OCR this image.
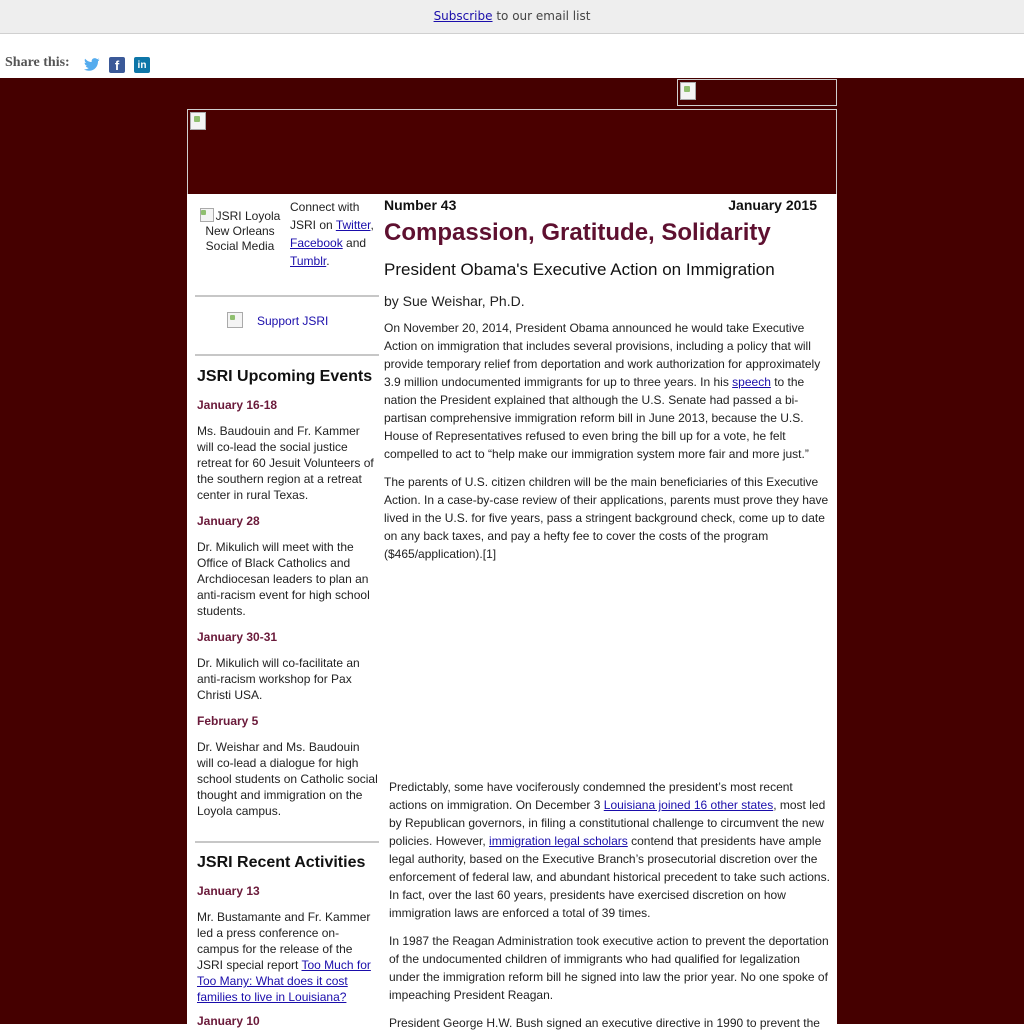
Subscribe to our email list
Share this:	f	in
JSRI Loyola New Orleans Social Media
Connect with JSRI on Twitter, Facebook and Tumblr.
Support JSRI
JSRI Upcoming Events
January 16-18
Ms. Baudouin and Fr. Kammer will co-lead the social justice retreat for 60 Jesuit Volunteers of the southern region at a retreat center in rural Texas.
January 28
Dr. Mikulich will meet with the Office of Black Catholics and Archdiocesan leaders to plan an anti-racism event for high school students.
January 30-31
Dr. Mikulich will co-facilitate an anti-racism workshop for Pax Christi USA.
February 5
Dr. Weishar and Ms. Baudouin will co-lead a dialogue for high school students on Catholic social thought and immigration on the Loyola campus.
JSRI Recent Activities
January 13
Mr. Bustamante and Fr. Kammer led a press conference on-campus for the release of the JSRI special report Too Much for Too Many: What does it cost families to live in Louisiana?
January 10
Number 43	January 2015
Compassion, Gratitude, Solidarity
President Obama's Executive Action on Immigration
by Sue Weishar, Ph.D.

On November 20, 2014, President Obama announced he would take Executive Action on immigration that includes several provisions, including a policy that will provide temporary relief from deportation and work authorization for approximately 3.9 million undocumented immigrants for up to three years. In his speech to the nation the President explained that although the U.S. Senate had passed a bi-partisan comprehensive immigration reform bill in June 2013, because the U.S. House of Representatives refused to even bring the bill up for a vote, he felt compelled to act to “help make our immigration system more fair and more just.”

The parents of U.S. citizen children will be the main beneficiaries of this Executive Action. In a case-by-case review of their applications, parents must prove they have lived in the U.S. for five years, pass a stringent background check, come up to date on any back taxes, and pay a hefty fee to cover the costs of the program ($465/application).[1]

Predictably, some have vociferously condemned the president’s most recent actions on immigration. On December 3 Louisiana joined 16 other states, most led by Republican governors, in filing a constitutional challenge to circumvent the new policies. However, immigration legal scholars contend that presidents have ample legal authority, based on the Executive Branch’s prosecutorial discretion over the enforcement of federal law, and abundant historical precedent to take such actions. In fact, over the last 60 years, presidents have exercised discretion on how immigration laws are enforced a total of 39 times.

In 1987 the Reagan Administration took executive action to prevent the deportation of the undocumented children of immigrants who had qualified for legalization under the immigration reform bill he signed into law the prior year. No one spoke of impeaching President Reagan.

President George H.W. Bush signed an executive directive in 1990 to prevent the
